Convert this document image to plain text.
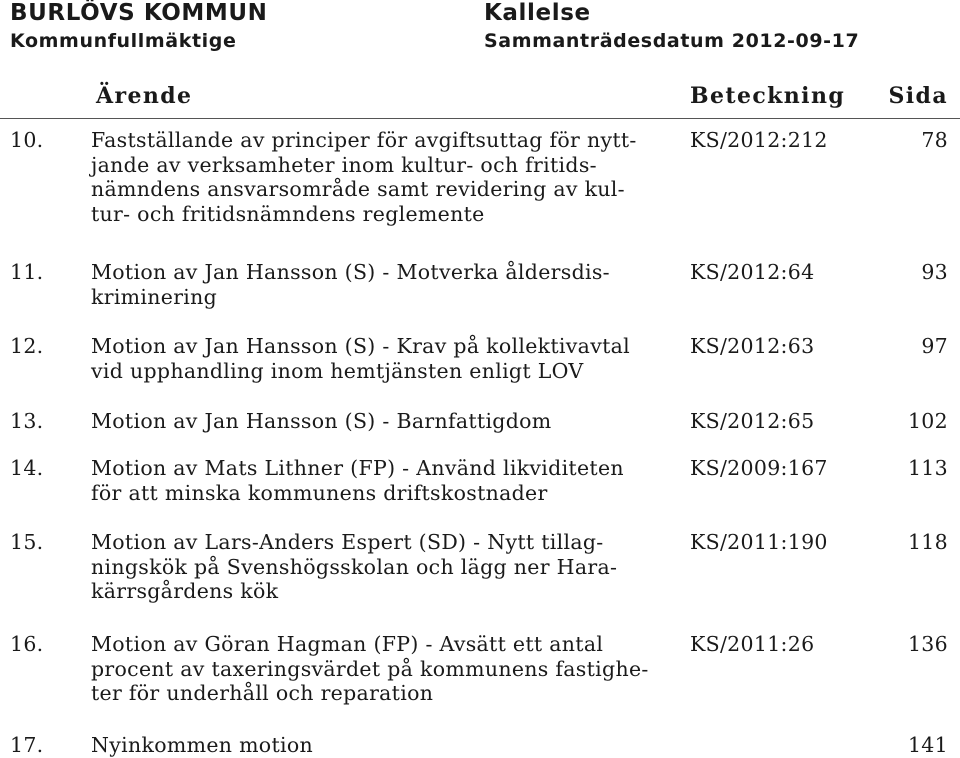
BURLÖVS KOMMUN
Kommunfullmäktige
Kallelse
Sammanträdesdatum 2012-09-17
Ärende	Beteckning Sida
10. Fastställande av principer för avgiftsuttag för nytt-
jande av verksamheter inom kultur- och fritids-
nämndens ansvarsområde samt revidering av kul-
tur- och fritidsnämndens reglemente
KS/2012:212	78
11. Motion av Jan Hansson (S) - Motverka åldersdis-
kriminering
KS/2012:64	93
12. Motion av Jan Hansson (S) - Krav på kollektivavtal
vid upphandling inom hemtjänsten enligt LOV
KS/2012:63	97
13. Motion av Jan Hansson (S) - Barnfattigdom	KS/2012:65	102
14. Motion av Mats Lithner (FP) - Använd likviditeten
för att minska kommunens driftskostnader
KS/2009:167	113
15. Motion av Lars-Anders Espert (SD) - Nytt tillag-
ningskök på Svenshögsskolan och lägg ner Hara-
kärrsgårdens kök
KS/2011:190	118
16. Motion av Göran Hagman (FP) - Avsätt ett antal
procent av taxeringsvärdet på kommunens fastighe-
ter för underhåll och reparation
KS/2011:26	136
17. Nyinkommen motion	141
